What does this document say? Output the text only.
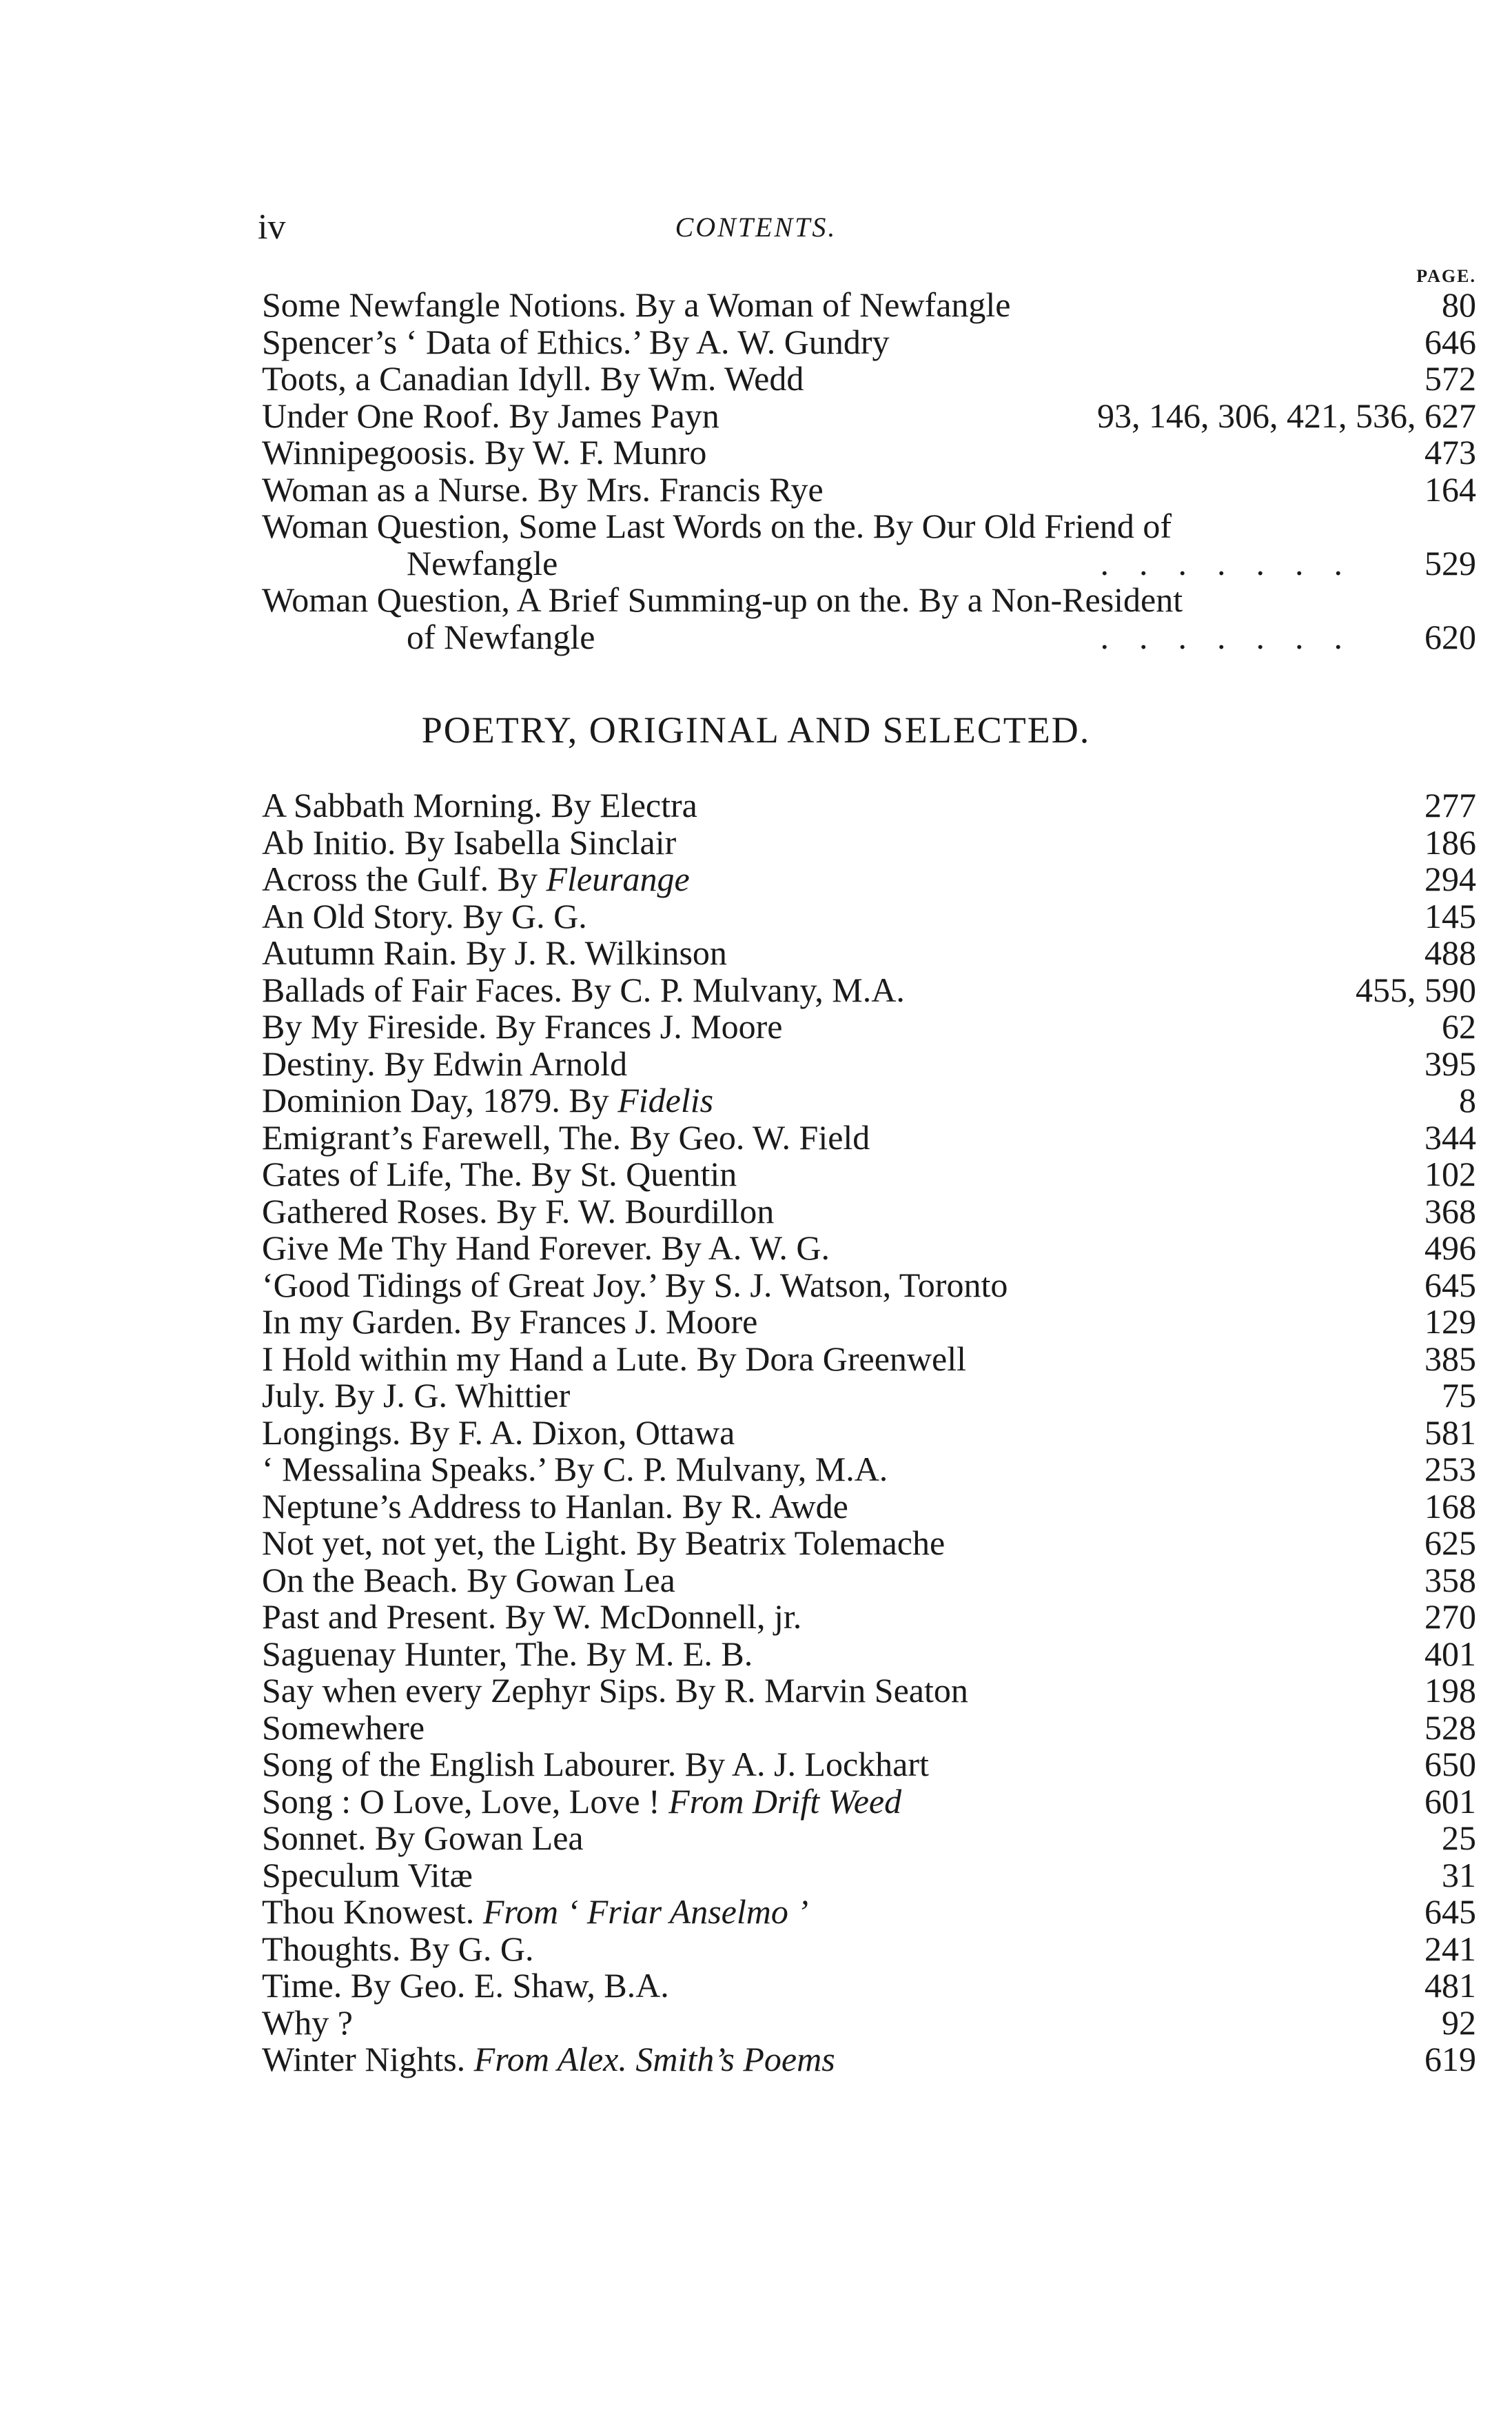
iv	CONTENTS.
PAGE.
Some Newfangle Notions. By a Woman of Newfangle	80
Spencer’s ‘ Data of Ethics.’ By A. W. Gundry	646
Toots, a Canadian Idyll. By Wm. Wedd	572
Under One Roof. By James Payn	93, 146, 306, 421, 536, 627
Winnipegoosis. By W. F. Munro	473
Woman as a Nurse. By Mrs. Francis Rye	164
Woman Question, Some Last Words on the. By Our Old Friend of
Newfangle	....... 529
Woman Question, A Brief Summing-up on the. By a Non-Resident
of Newfangle	....... 620
POETRY, ORIGINAL AND SELECTED.
A Sabbath Morning. By Electra	277
Ab Initio. By Isabella Sinclair	186
Across the Gulf. By Fleurange	294
An Old Story. By G. G.	145
Autumn Rain. By J. R. Wilkinson	488
Ballads of Fair Faces. By C. P. Mulvany, M.A.	455, 590
By My Fireside. By Frances J. Moore	62
Destiny. By Edwin Arnold	395
Dominion Day, 1879. By Fidelis	8
Emigrant’s Farewell, The. By Geo. W. Field	344
Gates of Life, The. By St. Quentin	102
Gathered Roses. By F. W. Bourdillon	368
Give Me Thy Hand Forever. By A. W. G.	496
‘Good Tidings of Great Joy.’ By S. J. Watson, Toronto	645
In my Garden. By Frances J. Moore	129
I Hold within my Hand a Lute. By Dora Greenwell	385
July. By J. G. Whittier	75
Longings. By F. A. Dixon, Ottawa	581
‘ Messalina Speaks.’ By C. P. Mulvany, M.A.	253
Neptune’s Address to Hanlan. By R. Awde	168
Not yet, not yet, the Light. By Beatrix Tolemache	625
On the Beach. By Gowan Lea	358
Past and Present. By W. McDonnell, jr.	270
Saguenay Hunter, The. By M. E. B.	401
Say when every Zephyr Sips. By R. Marvin Seaton	198
Somewhere	528
Song of the English Labourer. By A. J. Lockhart	650
Song : O Love, Love, Love ! From Drift Weed	601
Sonnet. By Gowan Lea	25
Speculum Vitæ	31
Thou Knowest. From ‘ Friar Anselmo ’	645
Thoughts. By G. G.	241
Time. By Geo. E. Shaw, B.A.	481
Why ?	92
Winter Nights. From Alex. Smith’s Poems	619
